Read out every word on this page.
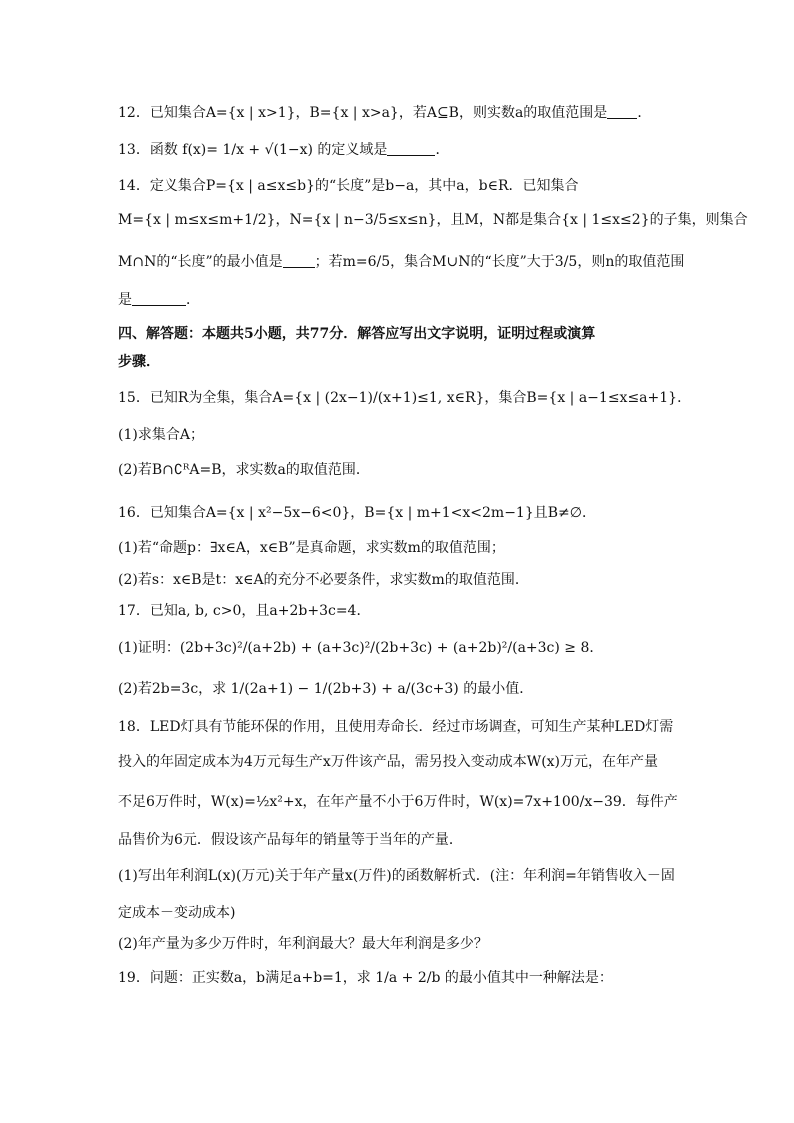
12．已知集合A={x | x>1}，B={x | x>a}，若A⊆B，则实数a的取值范围是 ．
13．函数 f(x)= 1/x + √(1−x) 的定义域是	．
14．定义集合P={x | a≤x≤b}的“长度”是b−a，其中a，b∈R．已知集合
M={x | m≤x≤m+1/2}，N={x | n−3/5≤x≤n}，且M，N都是集合{x | 1≤x≤2}的子集，则集合
M∩N的“长度”的最小值是 ；若m=6/5，集合M∪N的“长度”大于3/5，则n的取值范围
是	．
四、解答题：本题共5小题，共77分．解答应写出文字说明，证明过程或演算
步骤．
15．已知R为全集，集合A={x | (2x−1)/(x+1)≤1, x∈R}，集合B={x | a−1≤x≤a+1}．
(1)求集合A；
(2)若B∩∁ᴿA=B，求实数a的取值范围．
16．已知集合A={x | x²−5x−6<0}，B={x | m+1<x<2m−1}且B≠∅．
(1)若“命题p：∃x∈A，x∈B”是真命题，求实数m的取值范围；
(2)若s：x∈B是t：x∈A的充分不必要条件，求实数m的取值范围．
17．已知a, b, c>0，且a+2b+3c=4．
(1)证明：(2b+3c)²/(a+2b) + (a+3c)²/(2b+3c) + (a+2b)²/(a+3c) ≥ 8．
(2)若2b=3c，求 1/(2a+1) − 1/(2b+3) + a/(3c+3) 的最小值．
18．LED灯具有节能环保的作用，且使用寿命长．经过市场调查，可知生产某种LED灯需
投入的年固定成本为4万元每生产x万件该产品，需另投入变动成本W(x)万元，在年产量
不足6万件时，W(x)=½x²+x，在年产量不小于6万件时，W(x)=7x+100/x−39．每件产
品售价为6元．假设该产品每年的销量等于当年的产量．
(1)写出年利润L(x)(万元)关于年产量x(万件)的函数解析式．(注：年利润=年销售收入－固
定成本－变动成本)
(2)年产量为多少万件时，年利润最大？最大年利润是多少？
19．问题：正实数a，b满足a+b=1，求 1/a + 2/b 的最小值其中一种解法是：
